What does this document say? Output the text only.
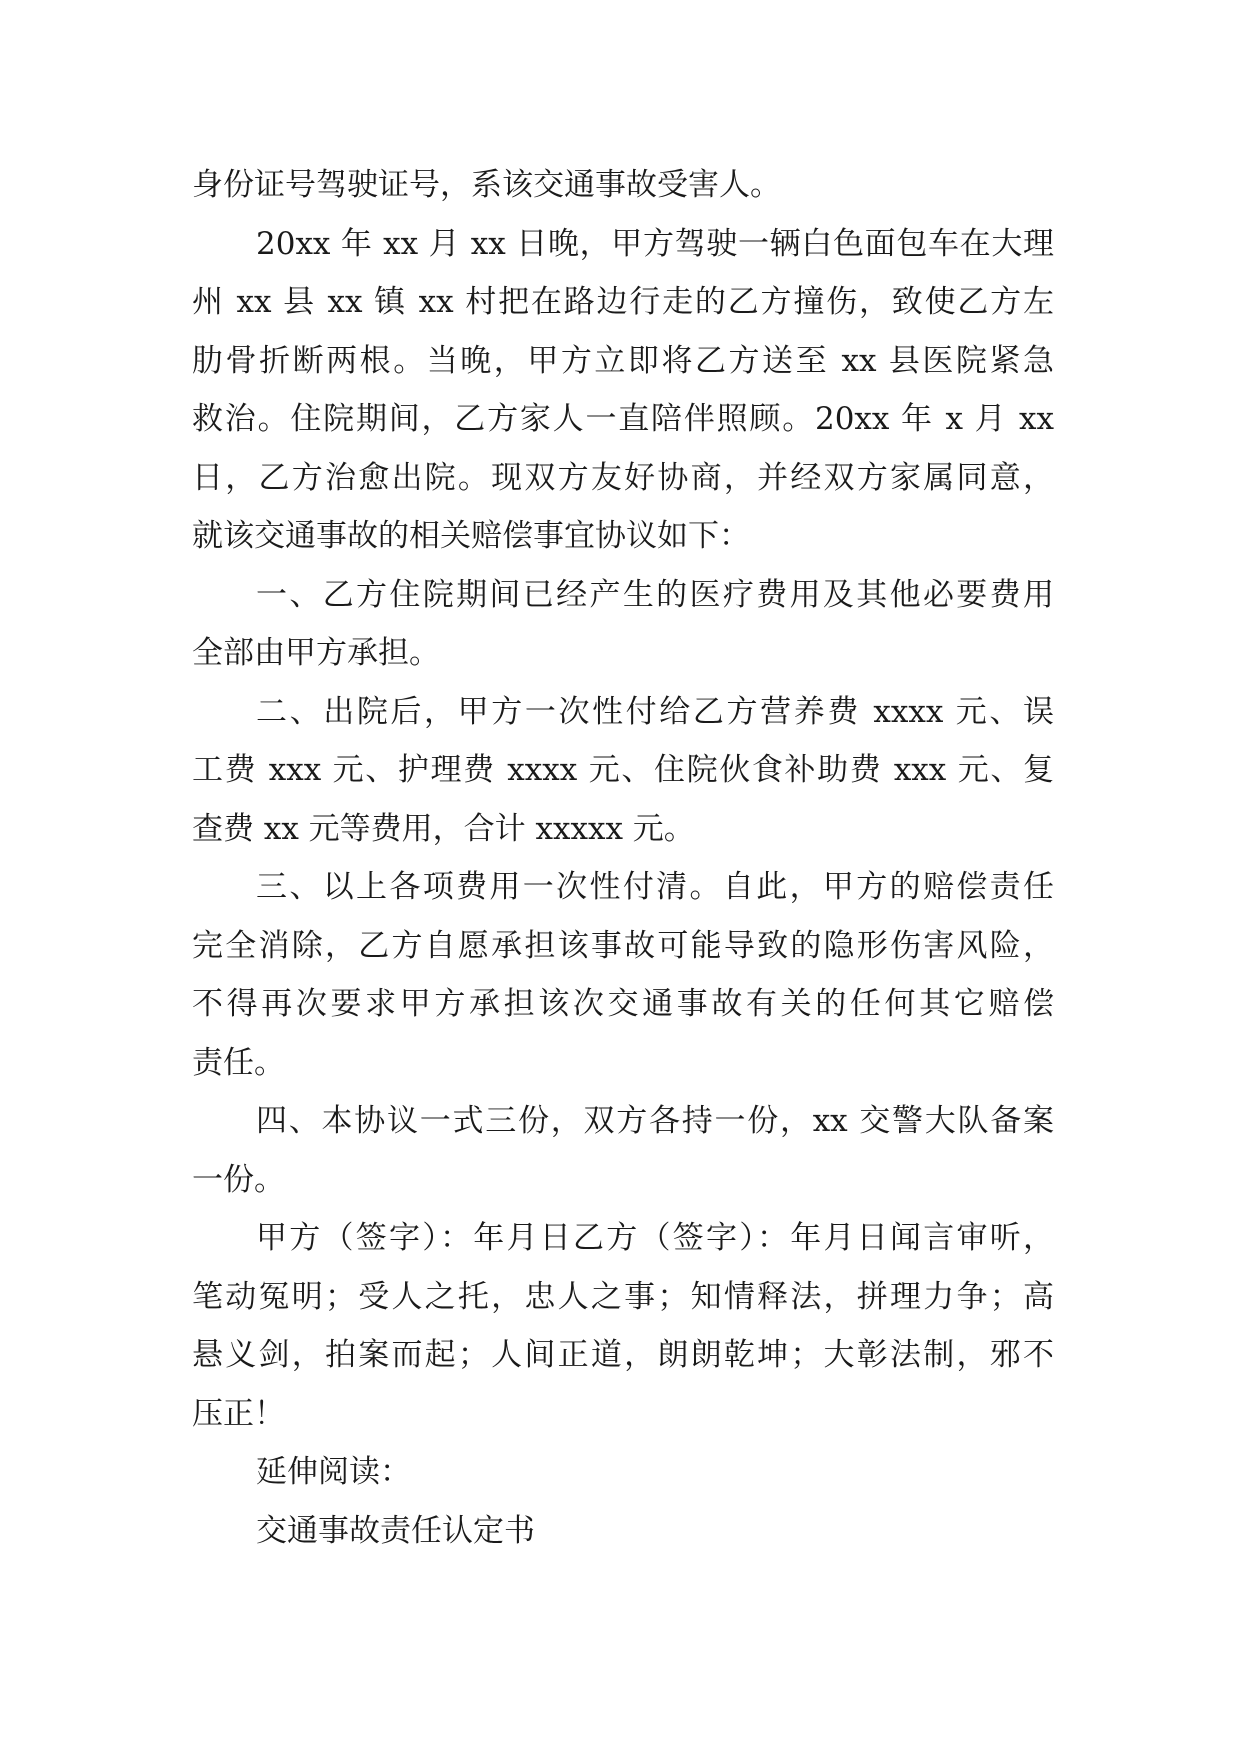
身份证号驾驶证号，系该交通事故受害人。
20xx 年 xx 月 xx 日晚，甲方驾驶一辆白色面包车在大理
州 xx 县 xx 镇 xx 村把在路边行走的乙方撞伤，致使乙方左
肋骨折断两根。当晚，甲方立即将乙方送至 xx 县医院紧急
救治。住院期间，乙方家人一直陪伴照顾。20xx 年 x 月 xx
日，乙方治愈出院。现双方友好协商，并经双方家属同意，
就该交通事故的相关赔偿事宜协议如下：
一、乙方住院期间已经产生的医疗费用及其他必要费用
全部由甲方承担。
二、出院后，甲方一次性付给乙方营养费 xxxx 元、误
工费 xxx 元、护理费 xxxx 元、住院伙食补助费 xxx 元、复
查费 xx 元等费用，合计 xxxxx 元。
三、以上各项费用一次性付清。自此，甲方的赔偿责任
完全消除，乙方自愿承担该事故可能导致的隐形伤害风险，
不得再次要求甲方承担该次交通事故有关的任何其它赔偿
责任。
四、本协议一式三份，双方各持一份，xx 交警大队备案
一份。
甲方（签字）：年月日乙方（签字）：年月日闻言审听，
笔动冤明；受人之托，忠人之事；知情释法，拼理力争；高
悬义剑，拍案而起；人间正道，朗朗乾坤；大彰法制，邪不
压正！
延伸阅读：
交通事故责任认定书
